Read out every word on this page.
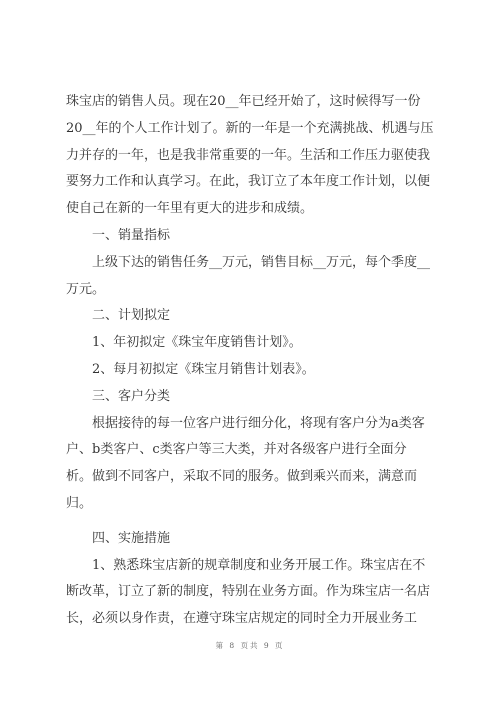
珠宝店的销售人员。现在20__年已经开始了，这时候得写一份
20__年的个人工作计划了。新的一年是一个充满挑战、机遇与压
力并存的一年，也是我非常重要的一年。生活和工作压力驱使我
要努力工作和认真学习。在此，我订立了本年度工作计划，以便
使自己在新的一年里有更大的进步和成绩。
　　一、销量指标
　　上级下达的销售任务__万元，销售目标__万元，每个季度__
万元。
　　二、计划拟定
　　1、年初拟定《珠宝年度销售计划》。
　　2、每月初拟定《珠宝月销售计划表》。
　　三、客户分类
　　根据接待的每一位客户进行细分化，将现有客户分为a类客
户、b类客户、c类客户等三大类，并对各级客户进行全面分
析。做到不同客户，采取不同的服务。做到乘兴而来，满意而
归。
　　四、实施措施
　　1、熟悉珠宝店新的规章制度和业务开展工作。珠宝店在不
断改革，订立了新的制度，特别在业务方面。作为珠宝店一名店
长，必须以身作责，在遵守珠宝店规定的同时全力开展业务工
第 8 页共 9 页
